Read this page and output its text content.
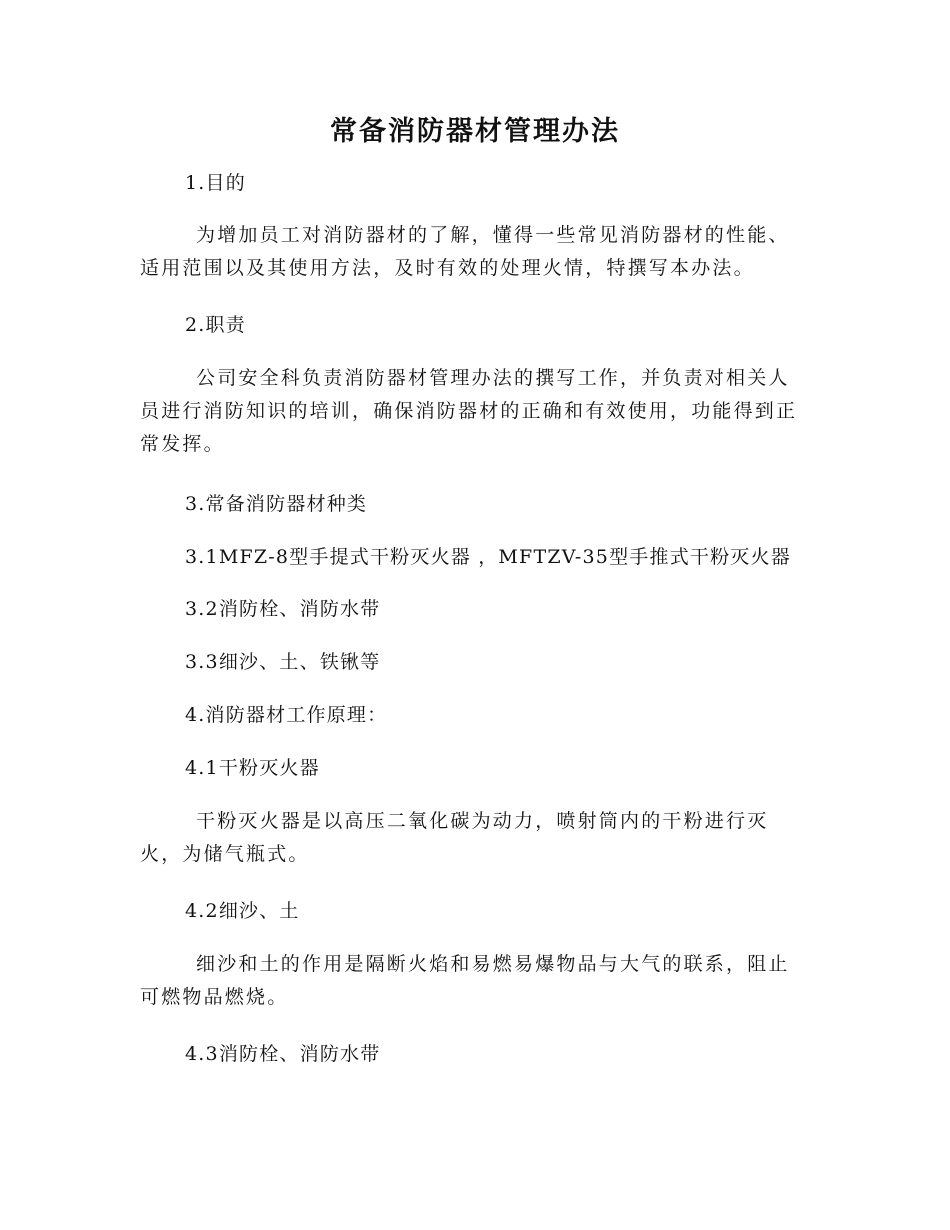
常备消防器材管理办法

1.目的

为增加员工对消防器材的了解，懂得一些常见消防器材的性能、适用范围以及其使用方法，及时有效的处理火情，特撰写本办法。

2.职责

公司安全科负责消防器材管理办法的撰写工作，并负责对相关人员进行消防知识的培训，确保消防器材的正确和有效使用，功能得到正常发挥。

3.常备消防器材种类

3.1MFZ-8型手提式干粉灭火器 ，MFTZV-35型手推式干粉灭火器

3.2消防栓、消防水带

3.3细沙、土、铁锹等

4.消防器材工作原理：

4.1干粉灭火器

干粉灭火器是以高压二氧化碳为动力，喷射筒内的干粉进行灭火，为储气瓶式。

4.2细沙、土

细沙和土的作用是隔断火焰和易燃易爆物品与大气的联系，阻止可燃物品燃烧。

4.3消防栓、消防水带
